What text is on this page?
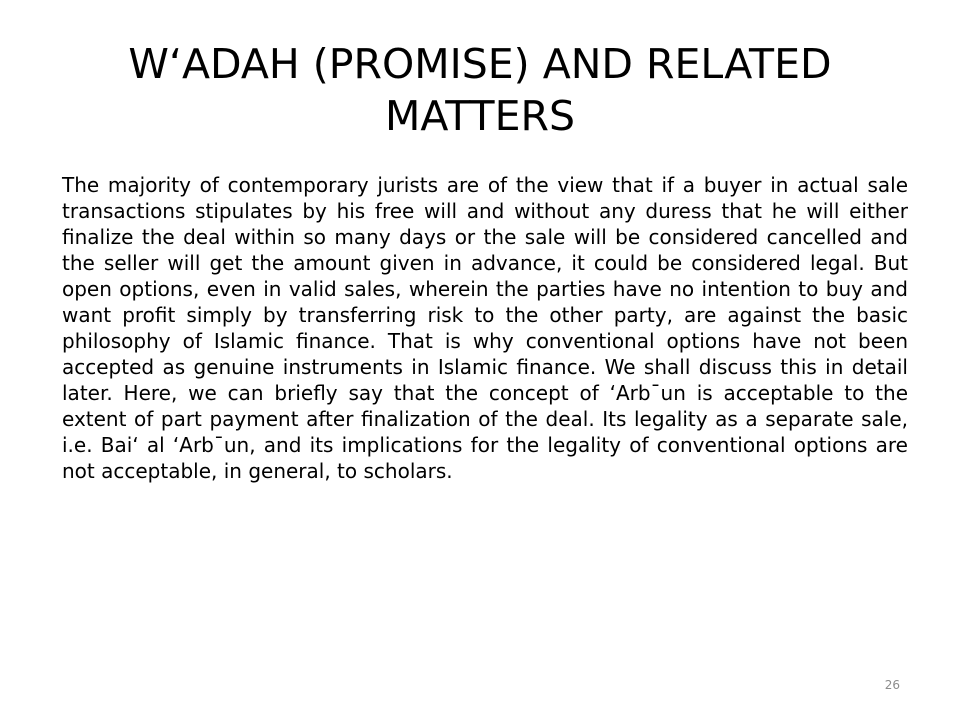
W‘ADAH (PROMISE) AND RELATED MATTERS

The majority of contemporary jurists are of the view that if a buyer in actual sale transactions stipulates by his free will and without any duress that he will either finalize the deal within so many days or the sale will be considered cancelled and the seller will get the amount given in advance, it could be considered legal. But open options, even in valid sales, wherein the parties have no intention to buy and want profit simply by transferring risk to the other party, are against the basic philosophy of Islamic finance. That is why conventional options have not been accepted as genuine instruments in Islamic finance. We shall discuss this in detail later. Here, we can briefly say that the concept of ‘Arb¯un is acceptable to the extent of part payment after finalization of the deal. Its legality as a separate sale, i.e. Bai‘ al ‘Arb¯un, and its implications for the legality of conventional options are not acceptable, in general, to scholars.

26
